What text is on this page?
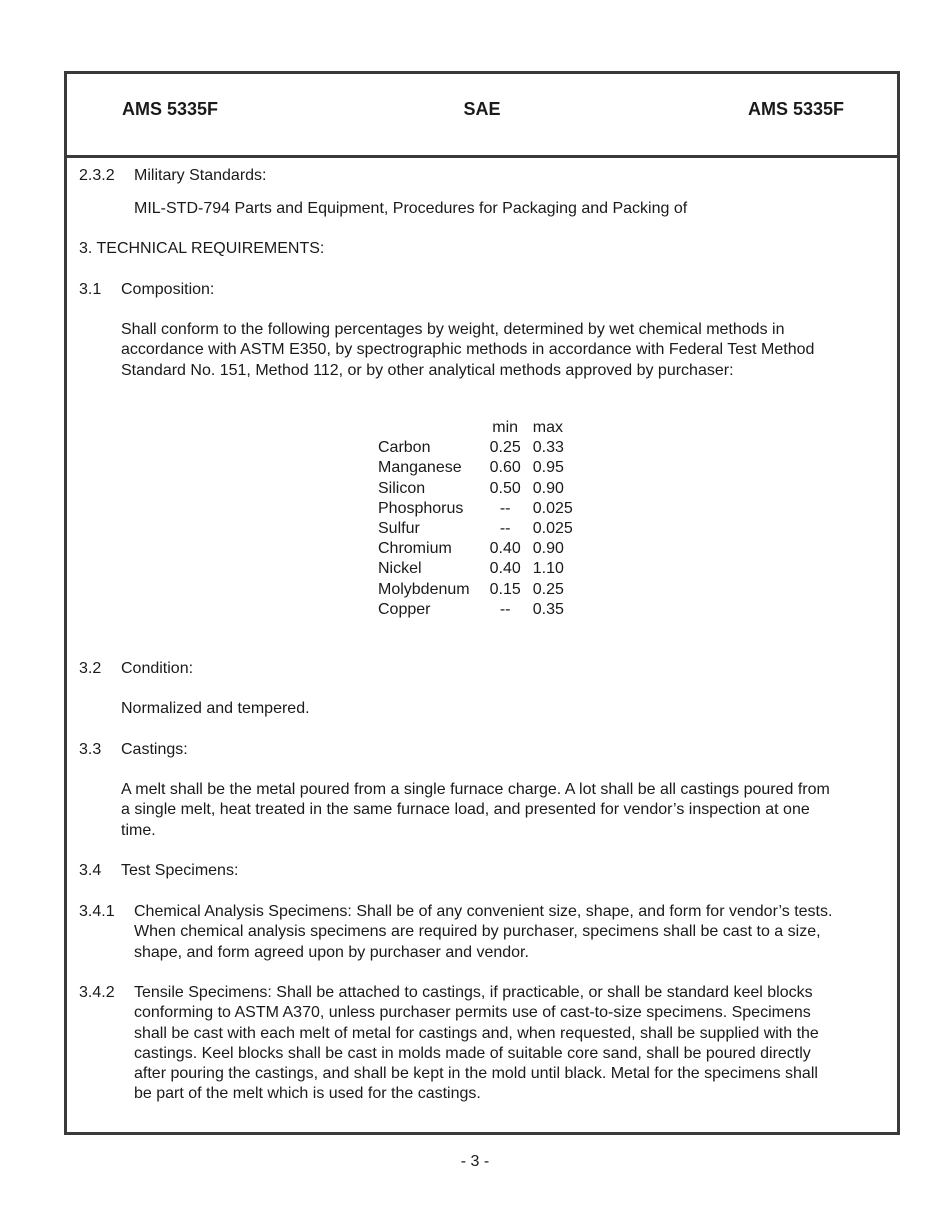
AMS 5335F	SAE	AMS 5335F
2.3.2 Military Standards:
MIL-STD-794 Parts and Equipment, Procedures for Packaging and Packing of
3. TECHNICAL REQUIREMENTS:
3.1 Composition:
Shall conform to the following percentages by weight, determined by wet chemical methods in
accordance with ASTM E350, by spectrographic methods in accordance with Federal Test Method
Standard No. 151, Method 112, or by other analytical methods approved by purchaser:
	min	max
Carbon	0.25	0.33
Manganese	0.60	0.95
Silicon	0.50	0.90
Phosphorus	--	0.025
Sulfur	--	0.025
Chromium	0.40	0.90
Nickel	0.40	1.10
Molybdenum	0.15	0.25
Copper	--	0.35
3.2 Condition:
Normalized and tempered.
3.3 Castings:
A melt shall be the metal poured from a single furnace charge. A lot shall be all castings poured from
a single melt, heat treated in the same furnace load, and presented for vendor’s inspection at one
time.
3.4 Test Specimens:
3.4.1 Chemical Analysis Specimens: Shall be of any convenient size, shape, and form for vendor’s tests.
When chemical analysis specimens are required by purchaser, specimens shall be cast to a size,
shape, and form agreed upon by purchaser and vendor.
3.4.2 Tensile Specimens: Shall be attached to castings, if practicable, or shall be standard keel blocks
conforming to ASTM A370, unless purchaser permits use of cast-to-size specimens. Specimens
shall be cast with each melt of metal for castings and, when requested, shall be supplied with the
castings. Keel blocks shall be cast in molds made of suitable core sand, shall be poured directly
after pouring the castings, and shall be kept in the mold until black. Metal for the specimens shall
be part of the melt which is used for the castings.
- 3 -
